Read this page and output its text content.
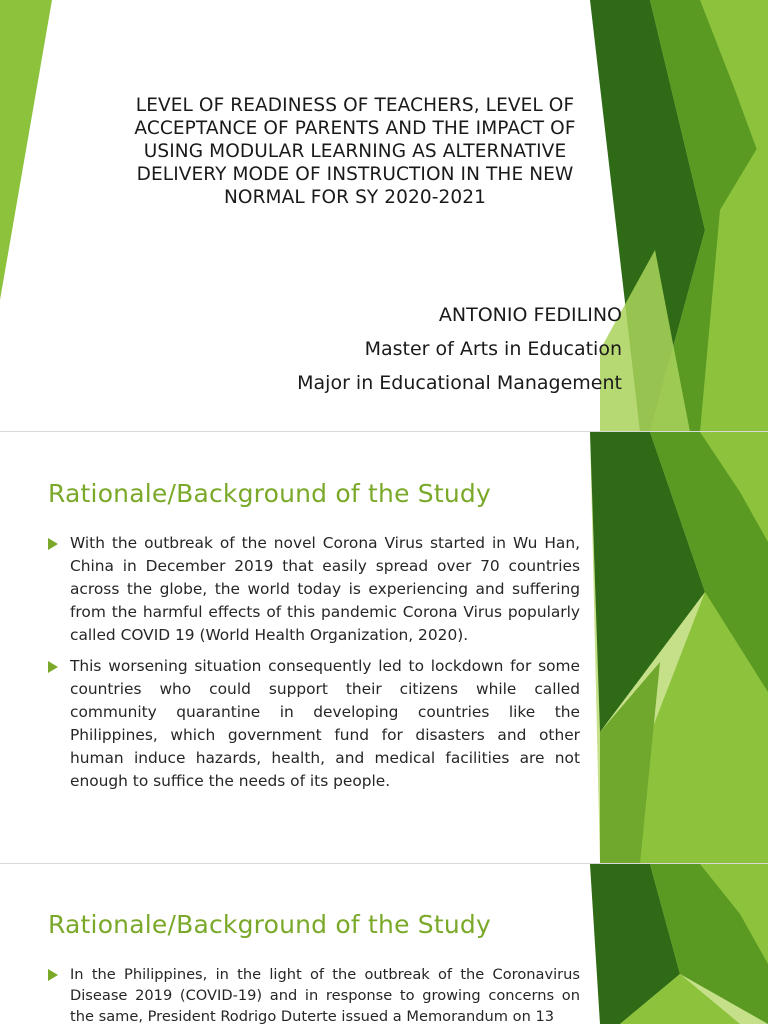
LEVEL OF READINESS OF TEACHERS, LEVEL OF
ACCEPTANCE OF PARENTS AND THE IMPACT OF
USING MODULAR LEARNING AS ALTERNATIVE
DELIVERY MODE OF INSTRUCTION IN THE NEW
NORMAL FOR SY 2020-2021
ANTONIO FEDILINO
Master of Arts in Education
Major in Educational Management
Rationale/Background of the Study
With the outbreak of the novel Corona Virus started in Wu Han, China in December 2019 that easily spread over 70 countries across the globe, the world today is experiencing and suffering from the harmful effects of this pandemic Corona Virus popularly called COVID 19 (World Health Organization, 2020).
This worsening situation consequently led to lockdown for some countries who could support their citizens while called community quarantine in developing countries like the Philippines, which government fund for disasters and other human induce hazards, health, and medical facilities are not enough to suffice the needs of its people.
Rationale/Background of the Study
In the Philippines, in the light of the outbreak of the Coronavirus Disease 2019 (COVID-19) and in response to growing concerns on the same, President Rodrigo Duterte issued a Memorandum on 13
